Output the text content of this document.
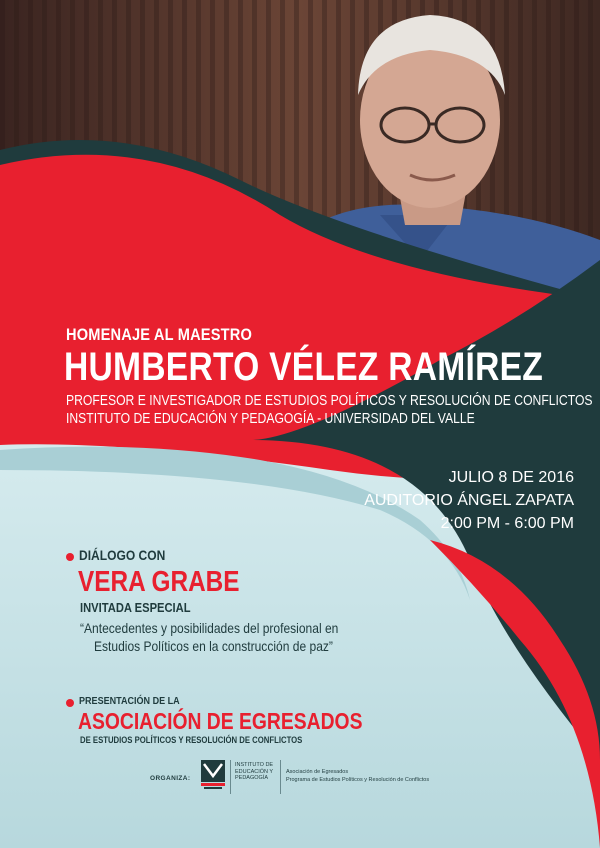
HOMENAJE AL MAESTRO
HUMBERTO VÉLEZ RAMÍREZ
PROFESOR E INVESTIGADOR DE ESTUDIOS POLÍTICOS Y RESOLUCIÓN DE CONFLICTOS
INSTITUTO DE EDUCACIÓN Y PEDAGOGÍA - UNIVERSIDAD DEL VALLE
JULIO 8 DE 2016
AUDITORIO ÁNGEL ZAPATA
2:00 PM - 6:00 PM
DIÁLOGO CON
VERA GRABE
INVITADA ESPECIAL
“Antecedentes y posibilidades del profesional en
Estudios Políticos en la construcción de paz”
PRESENTACIÓN DE LA
ASOCIACIÓN DE EGRESADOS
DE ESTUDIOS POLÍTICOS Y RESOLUCIÓN DE CONFLICTOS
ORGANIZA:
INSTITUTO DE
EDUCACIÓN Y
PEDAGOGÍA
Asociación de Egresados
Programa de Estudios Políticos y Resolución de Conflictos
